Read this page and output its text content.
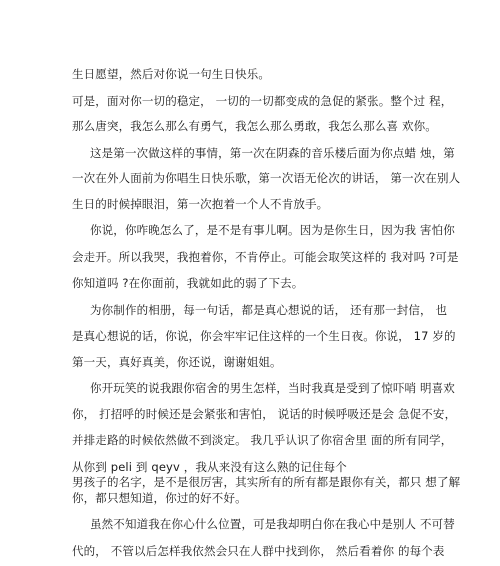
生日愿望，然后对你说一句生日快乐。
可是，面对你一切的稳定， 一切的一切都变成的急促的紧张。整个过 程，
那么唐突，我怎么那么有勇气，我怎么那么勇敢，我怎么那么喜 欢你。
这是第一次做这样的事情，第一次在阴森的音乐楼后面为你点蜡 烛，第
一次在外人面前为你唱生日快乐歌，第一次语无伦次的讲话， 第一次在别人
生日的时候掉眼泪，第一次抱着一个人不肯放手。
你说，你咋晚怎么了，是不是有事儿啊。因为是你生日，因为我 害怕你
会走开。所以我哭，我抱着你，不肯停止。可能会取笑这样的 我对吗 ?可是
你知道吗 ?在你面前，我就如此的弱了下去。
为你制作的相册，每一句话，都是真心想说的话， 还有那一封信， 也
是真心想说的话，你说，你会牢牢记住这样的一个生日夜。你说， 17 岁的
第一天，真好真美，你还说，谢谢姐姐。
你开玩笑的说我跟你宿舍的男生怎样，当时我真是受到了惊吓哨 明喜欢
你， 打招呼的时候还是会紧张和害怕， 说话的时候呼吸还是会 急促不安，
并排走路的时候依然做不到淡定。 我几乎认识了你宿舍里 面的所有同学，
从你到 peli 到 qeyv ，我从来没有这么熟的记住每个
男孩子的名字，是不是很厉害，其实所有的所有都是跟你有关，都只 想了解
你，都只想知道，你过的好不好。
虽然不知道我在你心什么位置，可是我却明白你在我心中是别人 不可替
代的， 不管以后怎样我依然会只在人群中找到你， 然后看着你 的每个表
